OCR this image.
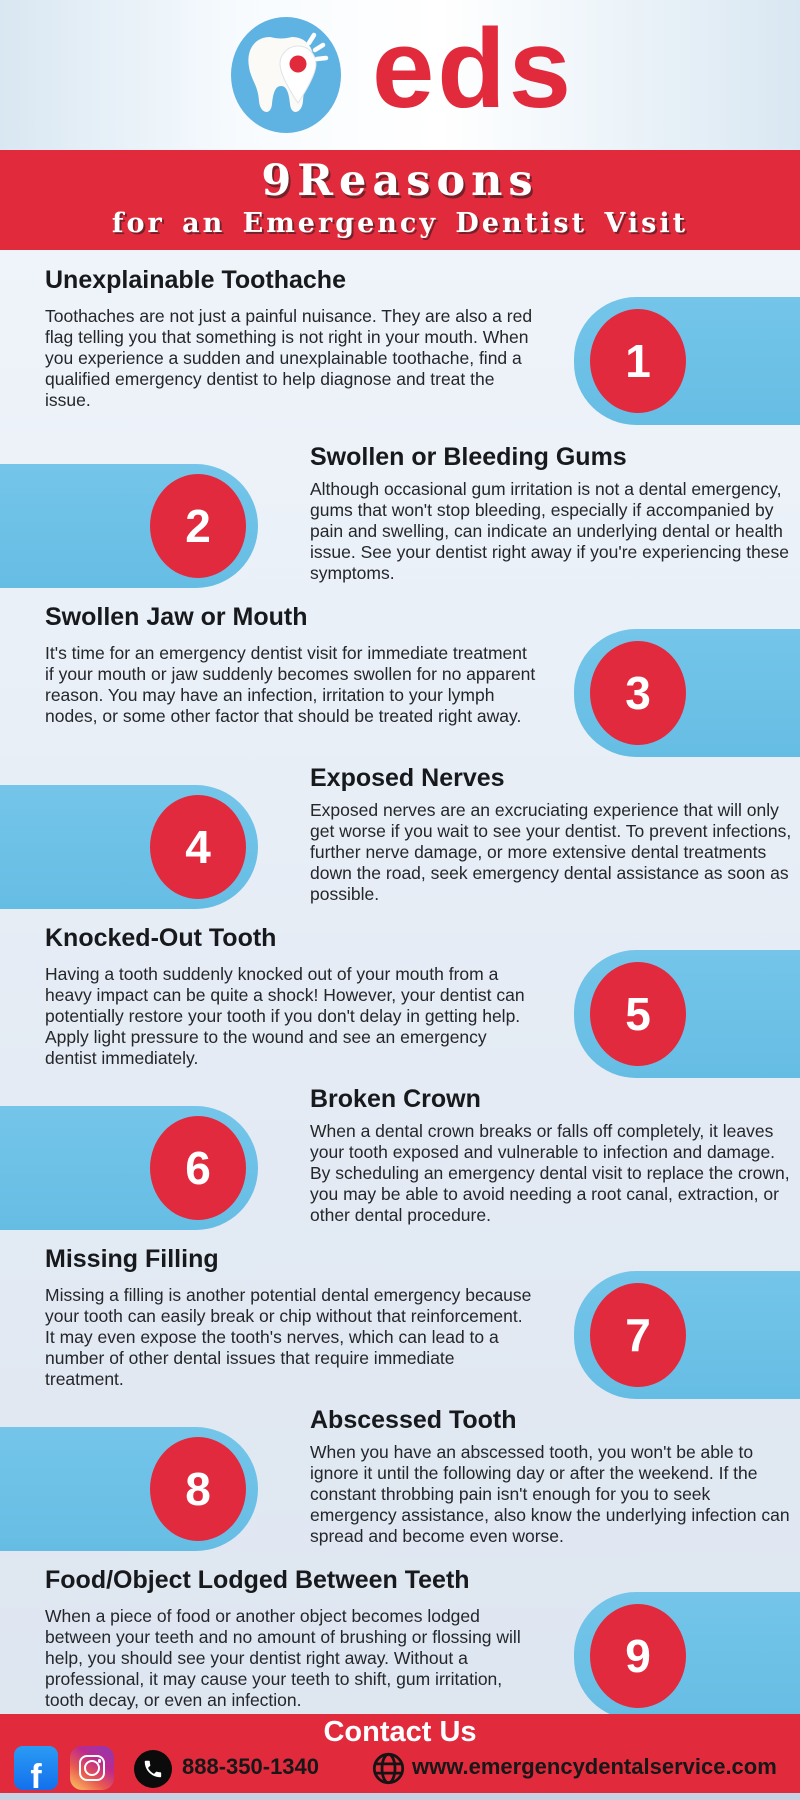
eds
9Reasons
for an Emergency Dentist Visit
Unexplainable Toothache

Toothaches are not just a painful nuisance. They are also a red flag telling you that something is not right in your mouth. When you experience a sudden and unexplainable toothache, find a qualified emergency dentist to help diagnose and treat the issue.

1
Swollen or Bleeding Gums

Although occasional gum irritation is not a dental emergency, gums that won't stop bleeding, especially if accompanied by pain and swelling, can indicate an underlying dental or health issue. See your dentist right away if you're experiencing these symptoms.

2
Swollen Jaw or Mouth

It's time for an emergency dentist visit for immediate treatment if your mouth or jaw suddenly becomes swollen for no apparent reason. You may have an infection, irritation to your lymph nodes, or some other factor that should be treated right away.	3
Exposed Nerves

Exposed nerves are an excruciating experience that will only get worse if you wait to see your dentist. To prevent infections, further nerve damage, or more extensive dental treatments down the road, seek emergency dental assistance as soon as possible.

4
Knocked-Out Tooth

Having a tooth suddenly knocked out of your mouth from a heavy impact can be quite a shock! However, your dentist can potentially restore your tooth if you don't delay in getting help. Apply light pressure to the wound and see an emergency dentist immediately.

5
Broken Crown

When a dental crown breaks or falls off completely, it leaves your tooth exposed and vulnerable to infection and damage. By scheduling an emergency dental visit to replace the crown, you may be able to avoid needing a root canal, extraction, or other dental procedure.

6
Missing Filling

Missing a filling is another potential dental emergency because your tooth can easily break or chip without that reinforcement. It may even expose the tooth's nerves, which can lead to a number of other dental issues that require immediate treatment.

7
Abscessed Tooth

When you have an abscessed tooth, you won't be able to ignore it until the following day or after the weekend. If the constant throbbing pain isn't enough for you to seek emergency assistance, also know the underlying infection can spread and become even worse.

8
Food/Object Lodged Between Teeth

When a piece of food or another object becomes lodged between your teeth and no amount of brushing or flossing will help, you should see your dentist right away. Without a professional, it may cause your teeth to shift, gum irritation, tooth decay, or even an infection.

9
Contact Us
f	888-350-1340	www.emergencydentalservice.com
